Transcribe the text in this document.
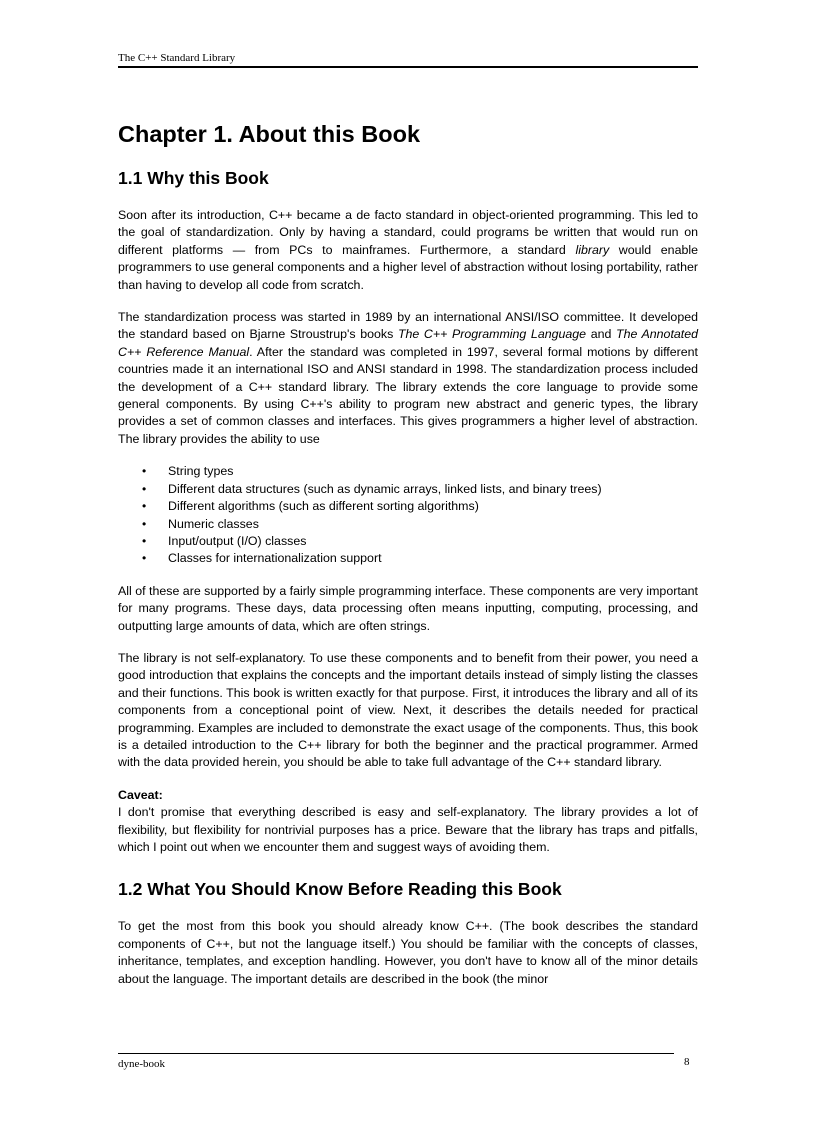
The C++ Standard Library
Chapter 1. About this Book
1.1 Why this Book

Soon after its introduction, C++ became a de facto standard in object-oriented programming. This led to the goal of standardization. Only by having a standard, could programs be written that would run on different platforms — from PCs to mainframes. Furthermore, a standard library would enable programmers to use general components and a higher level of abstraction without losing portability, rather than having to develop all code from scratch.

The standardization process was started in 1989 by an international ANSI/ISO committee. It developed the standard based on Bjarne Stroustrup's books The C++ Programming Language and The Annotated C++ Reference Manual. After the standard was completed in 1997, several formal motions by different countries made it an international ISO and ANSI standard in 1998. The standardization process included the development of a C++ standard library. The library extends the core language to provide some general components. By using C++'s ability to program new abstract and generic types, the library provides a set of common classes and interfaces. This gives programmers a higher level of abstraction. The library provides the ability to use

• String types
• Different data structures (such as dynamic arrays, linked lists, and binary trees)
• Different algorithms (such as different sorting algorithms)
• Numeric classes
• Input/output (I/O) classes
• Classes for internationalization support

All of these are supported by a fairly simple programming interface. These components are very important for many programs. These days, data processing often means inputting, computing, processing, and outputting large amounts of data, which are often strings.

The library is not self-explanatory. To use these components and to benefit from their power, you need a good introduction that explains the concepts and the important details instead of simply listing the classes and their functions. This book is written exactly for that purpose. First, it introduces the library and all of its components from a conceptional point of view. Next, it describes the details needed for practical programming. Examples are included to demonstrate the exact usage of the components. Thus, this book is a detailed introduction to the C++ library for both the beginner and the practical programmer. Armed with the data provided herein, you should be able to take full advantage of the C++ standard library.

Caveat:
I don't promise that everything described is easy and self-explanatory. The library provides a lot of flexibility, but flexibility for nontrivial purposes has a price. Beware that the library has traps and pitfalls, which I point out when we encounter them and suggest ways of avoiding them.

1.2 What You Should Know Before Reading this Book

To get the most from this book you should already know C++. (The book describes the standard components of C++, but not the language itself.) You should be familiar with the concepts of classes, inheritance, templates, and exception handling. However, you don't have to know all of the minor details about the language. The important details are described in the book (the minor

dyne-book	8
